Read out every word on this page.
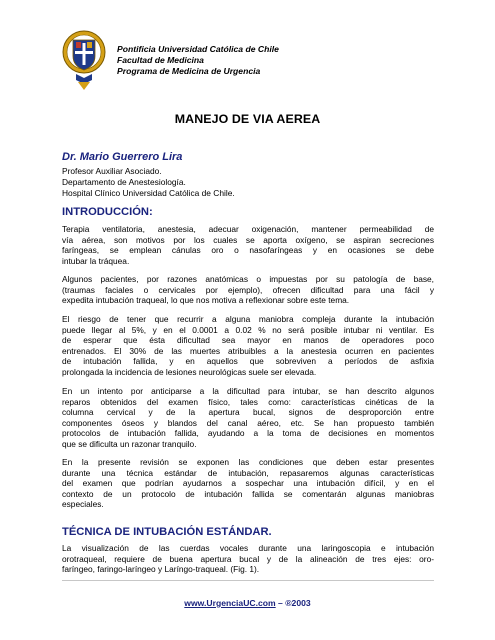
Pontificia Universidad Católica de Chile
Facultad de Medicina
Programa de Medicina de Urgencia
MANEJO DE VIA AEREA
Dr. Mario Guerrero Lira
Profesor Auxiliar Asociado.
Departamento de Anestesiología.
Hospital Clínico Universidad Católica de Chile.
INTRODUCCIÓN:
Terapia ventilatoria, anestesia, adecuar oxigenación, mantener permeabilidad de
vía aérea, son motivos por los cuales se aporta oxígeno, se aspiran secreciones
faríngeas, se emplean cánulas oro o nasofaríngeas y en ocasiones se debe
intubar la tráquea.
Algunos pacientes, por razones anatómicas o impuestas por su patología de base,
(traumas faciales o cervicales por ejemplo), ofrecen dificultad para una fácil y
expedita intubación traqueal, lo que nos motiva a reflexionar sobre este tema.
El riesgo de tener que recurrir a alguna maniobra compleja durante la intubación
puede llegar al 5%, y en el 0.0001 a 0.02 % no será posible intubar ni ventilar. Es
de esperar que ésta dificultad sea mayor en manos de operadores poco
entrenados. El 30% de las muertes atribuibles a la anestesia ocurren en pacientes
de intubación fallida, y en aquellos que sobreviven a períodos de asfixia
prolongada la incidencia de lesiones neurológicas suele ser elevada.
En un intento por anticiparse a la dificultad para intubar, se han descrito algunos
reparos obtenidos del examen físico, tales como: características cinéticas de la
columna cervical y de la apertura bucal, signos de desproporción entre
componentes óseos y blandos del canal aéreo, etc. Se han propuesto también
protocolos de intubación fallida, ayudando a la toma de decisiones en momentos
que se dificulta un razonar tranquilo.
En la presente revisión se exponen las condiciones que deben estar presentes
durante una técnica estándar de intubación, repasaremos algunas características
del examen que podrían ayudarnos a sospechar una intubación difícil, y en el
contexto de un protocolo de intubación fallida se comentarán algunas maniobras
especiales.
TÉCNICA DE INTUBACIÓN ESTÁNDAR.
La visualización de las cuerdas vocales durante una laringoscopia e intubación
orotraqueal, requiere de buena apertura bucal y de la alineación de tres ejes: oro-
faríngeo, faringo-laríngeo y Laríngo-traqueal. (Fig. 1).
www.UrgenciaUC.com – ®2003
